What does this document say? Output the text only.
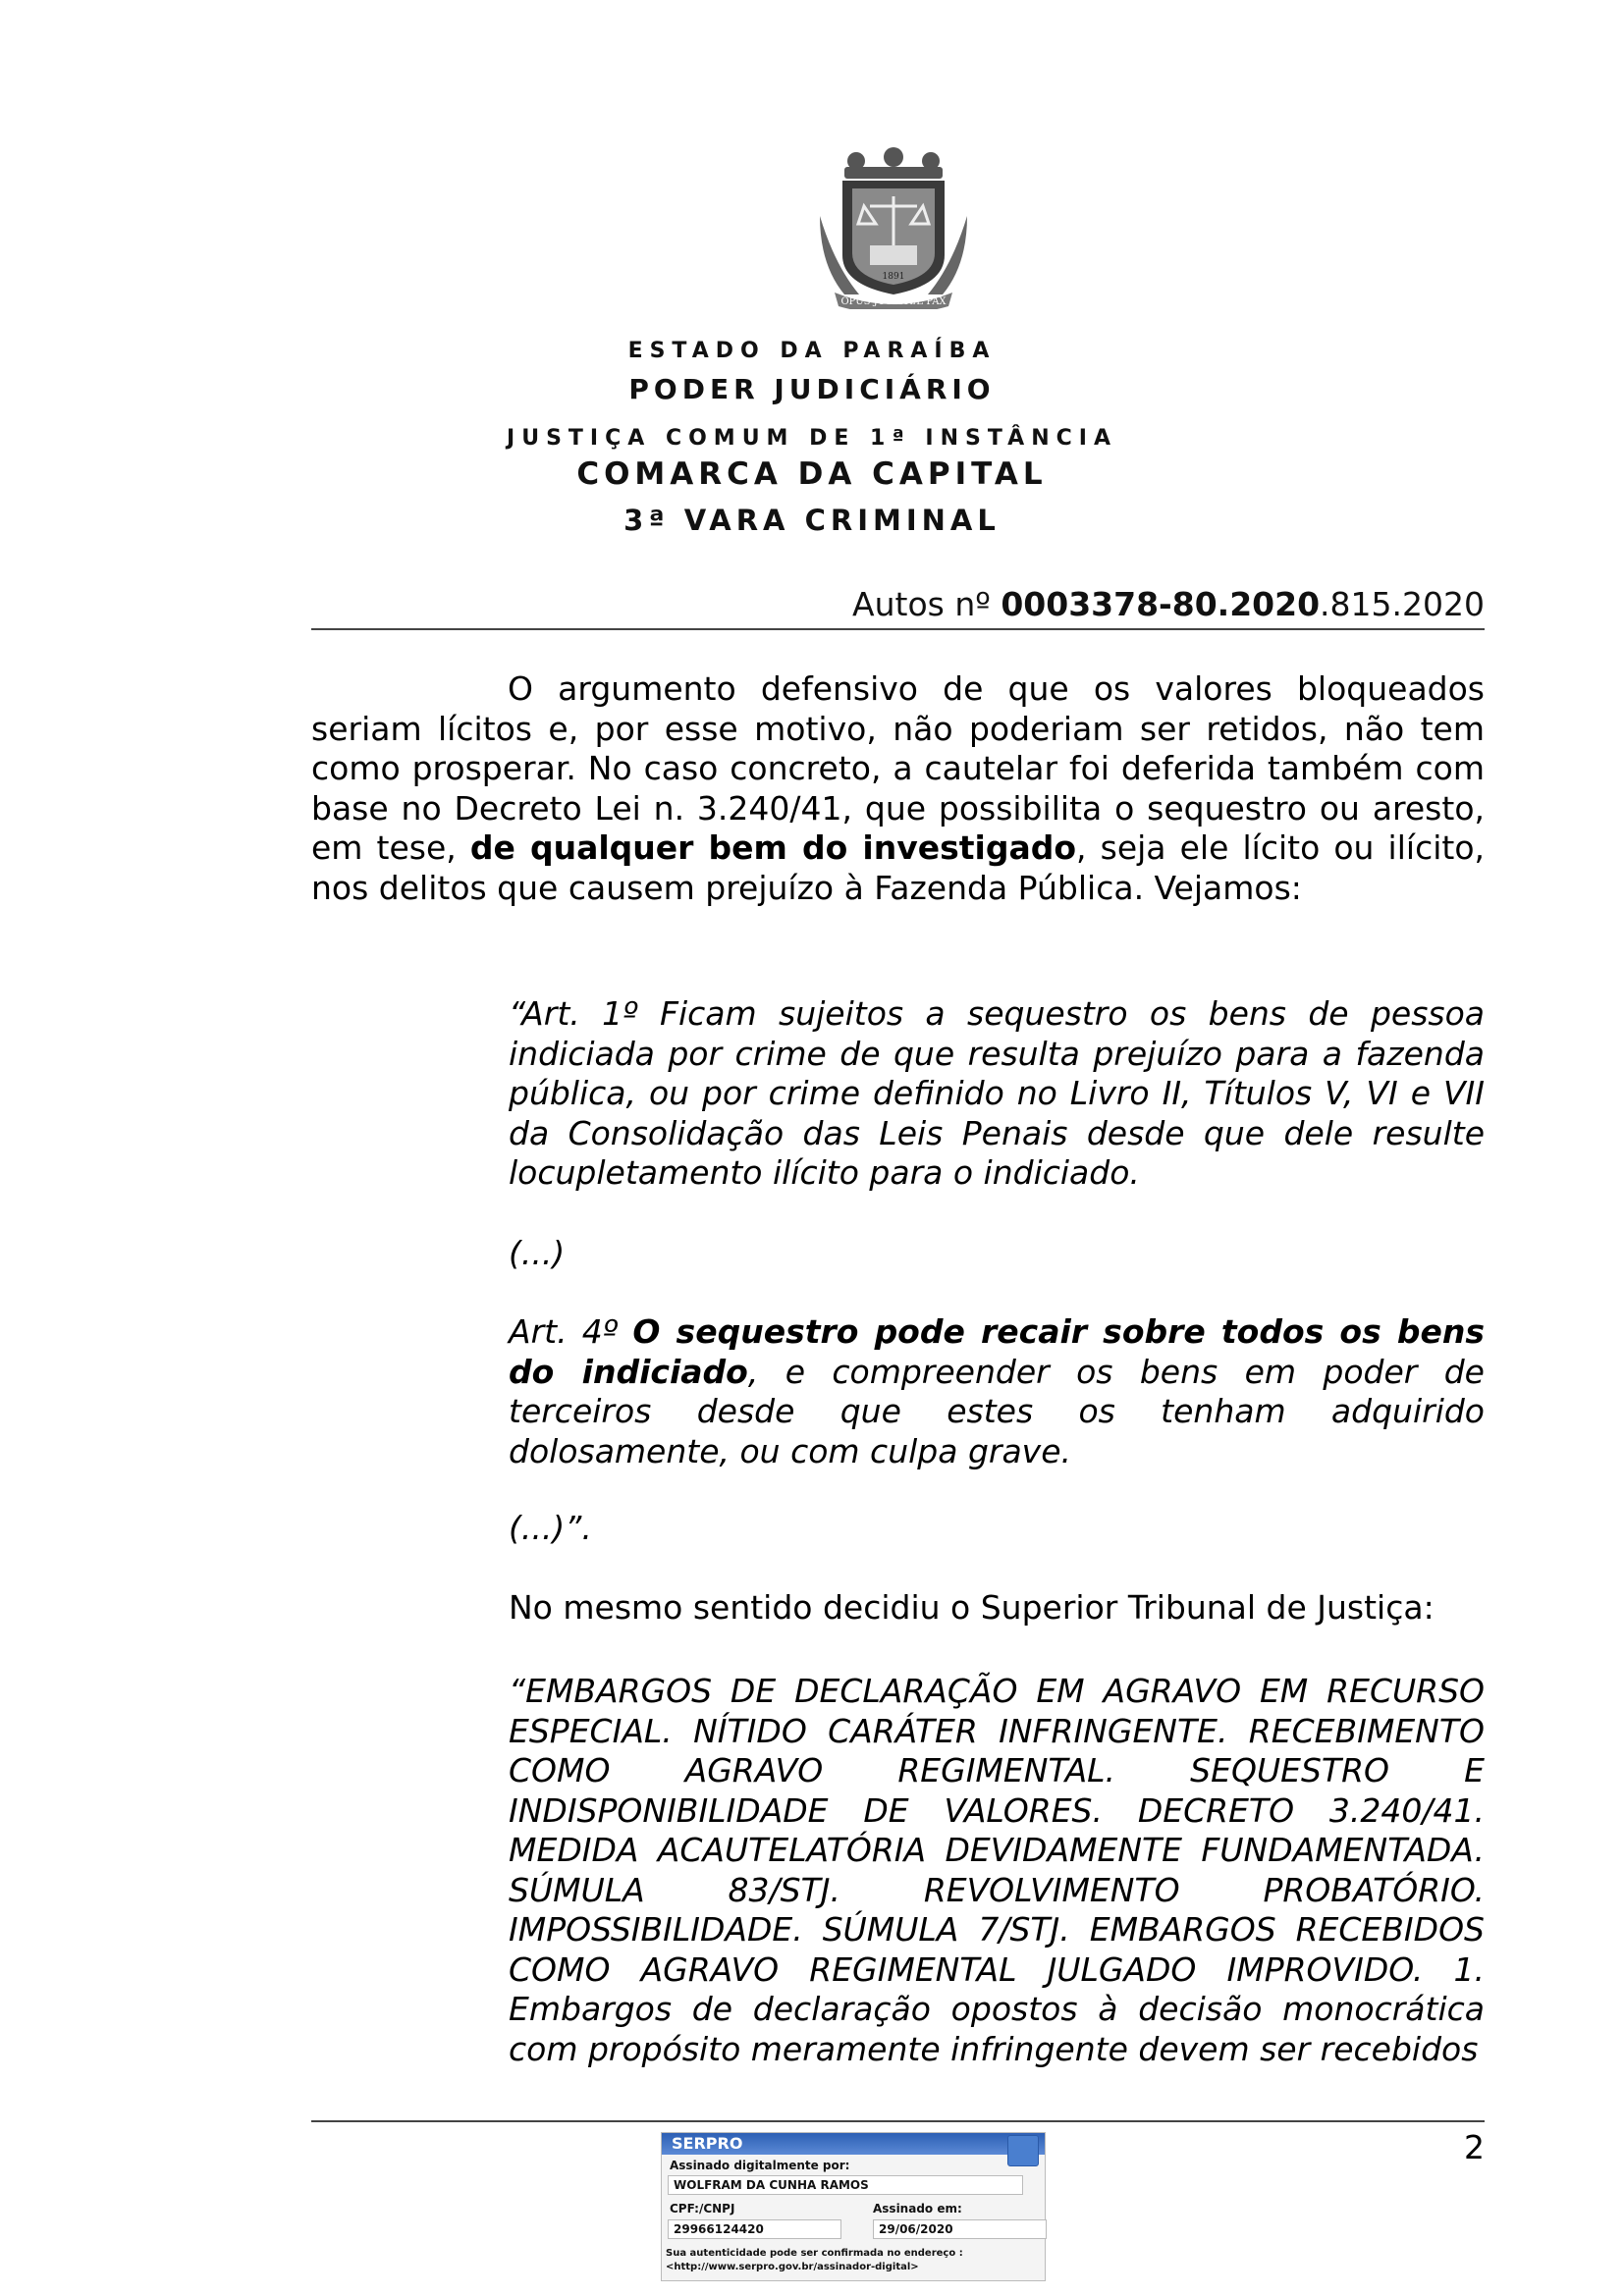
OPUS JUSTITIÆ PAX
1891
ESTADO DA PARAÍBA
PODER JUDICIÁRIO
JUSTIÇA COMUM DE 1ª INSTÂNCIA
COMARCA DA CAPITAL
3ª VARA CRIMINAL
Autos nº 0003378-80.2020.815.2020

O argumento defensivo de que os valores bloqueados seriam lícitos e, por esse motivo, não poderiam ser retidos, não tem como prosperar. No caso concreto, a cautelar foi deferida também com base no Decreto Lei n. 3.240/41, que possibilita o sequestro ou aresto, em tese, de qualquer bem do investigado, seja ele lícito ou ilícito, nos delitos que causem prejuízo à Fazenda Pública. Vejamos:

“Art. 1º Ficam sujeitos a sequestro os bens de pessoa indiciada por crime de que resulta prejuízo para a fazenda pública, ou por crime definido no Livro II, Títulos V, VI e VII da Consolidação das Leis Penais desde que dele resulte locupletamento ilícito para o indiciado.

(...)

Art. 4º O sequestro pode recair sobre todos os bens do indiciado, e compreender os bens em poder de terceiros desde que estes os tenham adquirido dolosamente, ou com culpa grave.

(...)”.

No mesmo sentido decidiu o Superior Tribunal de Justiça:

“EMBARGOS DE DECLARAÇÃO EM AGRAVO EM RECURSO ESPECIAL. NÍTIDO CARÁTER INFRINGENTE. RECEBIMENTO COMO AGRAVO REGIMENTAL. SEQUESTRO E INDISPONIBILIDADE DE VALORES. DECRETO 3.240/41. MEDIDA ACAUTELATÓRIA DEVIDAMENTE FUNDAMENTADA. SÚMULA 83/STJ. REVOLVIMENTO PROBATÓRIO. IMPOSSIBILIDADE. SÚMULA 7/STJ. EMBARGOS RECEBIDOS COMO AGRAVO REGIMENTAL JULGADO IMPROVIDO. 1. Embargos de declaração opostos à decisão monocrática com propósito meramente infringente devem ser recebidos

2
SERPRO
Assinado digitalmente por:
WOLFRAM DA CUNHA RAMOS
CPF:/CNPJ	Assinado em:
29966124420	29/06/2020
Sua autenticidade pode ser confirmada no endereço :
<http://www.serpro.gov.br/assinador-digital>
